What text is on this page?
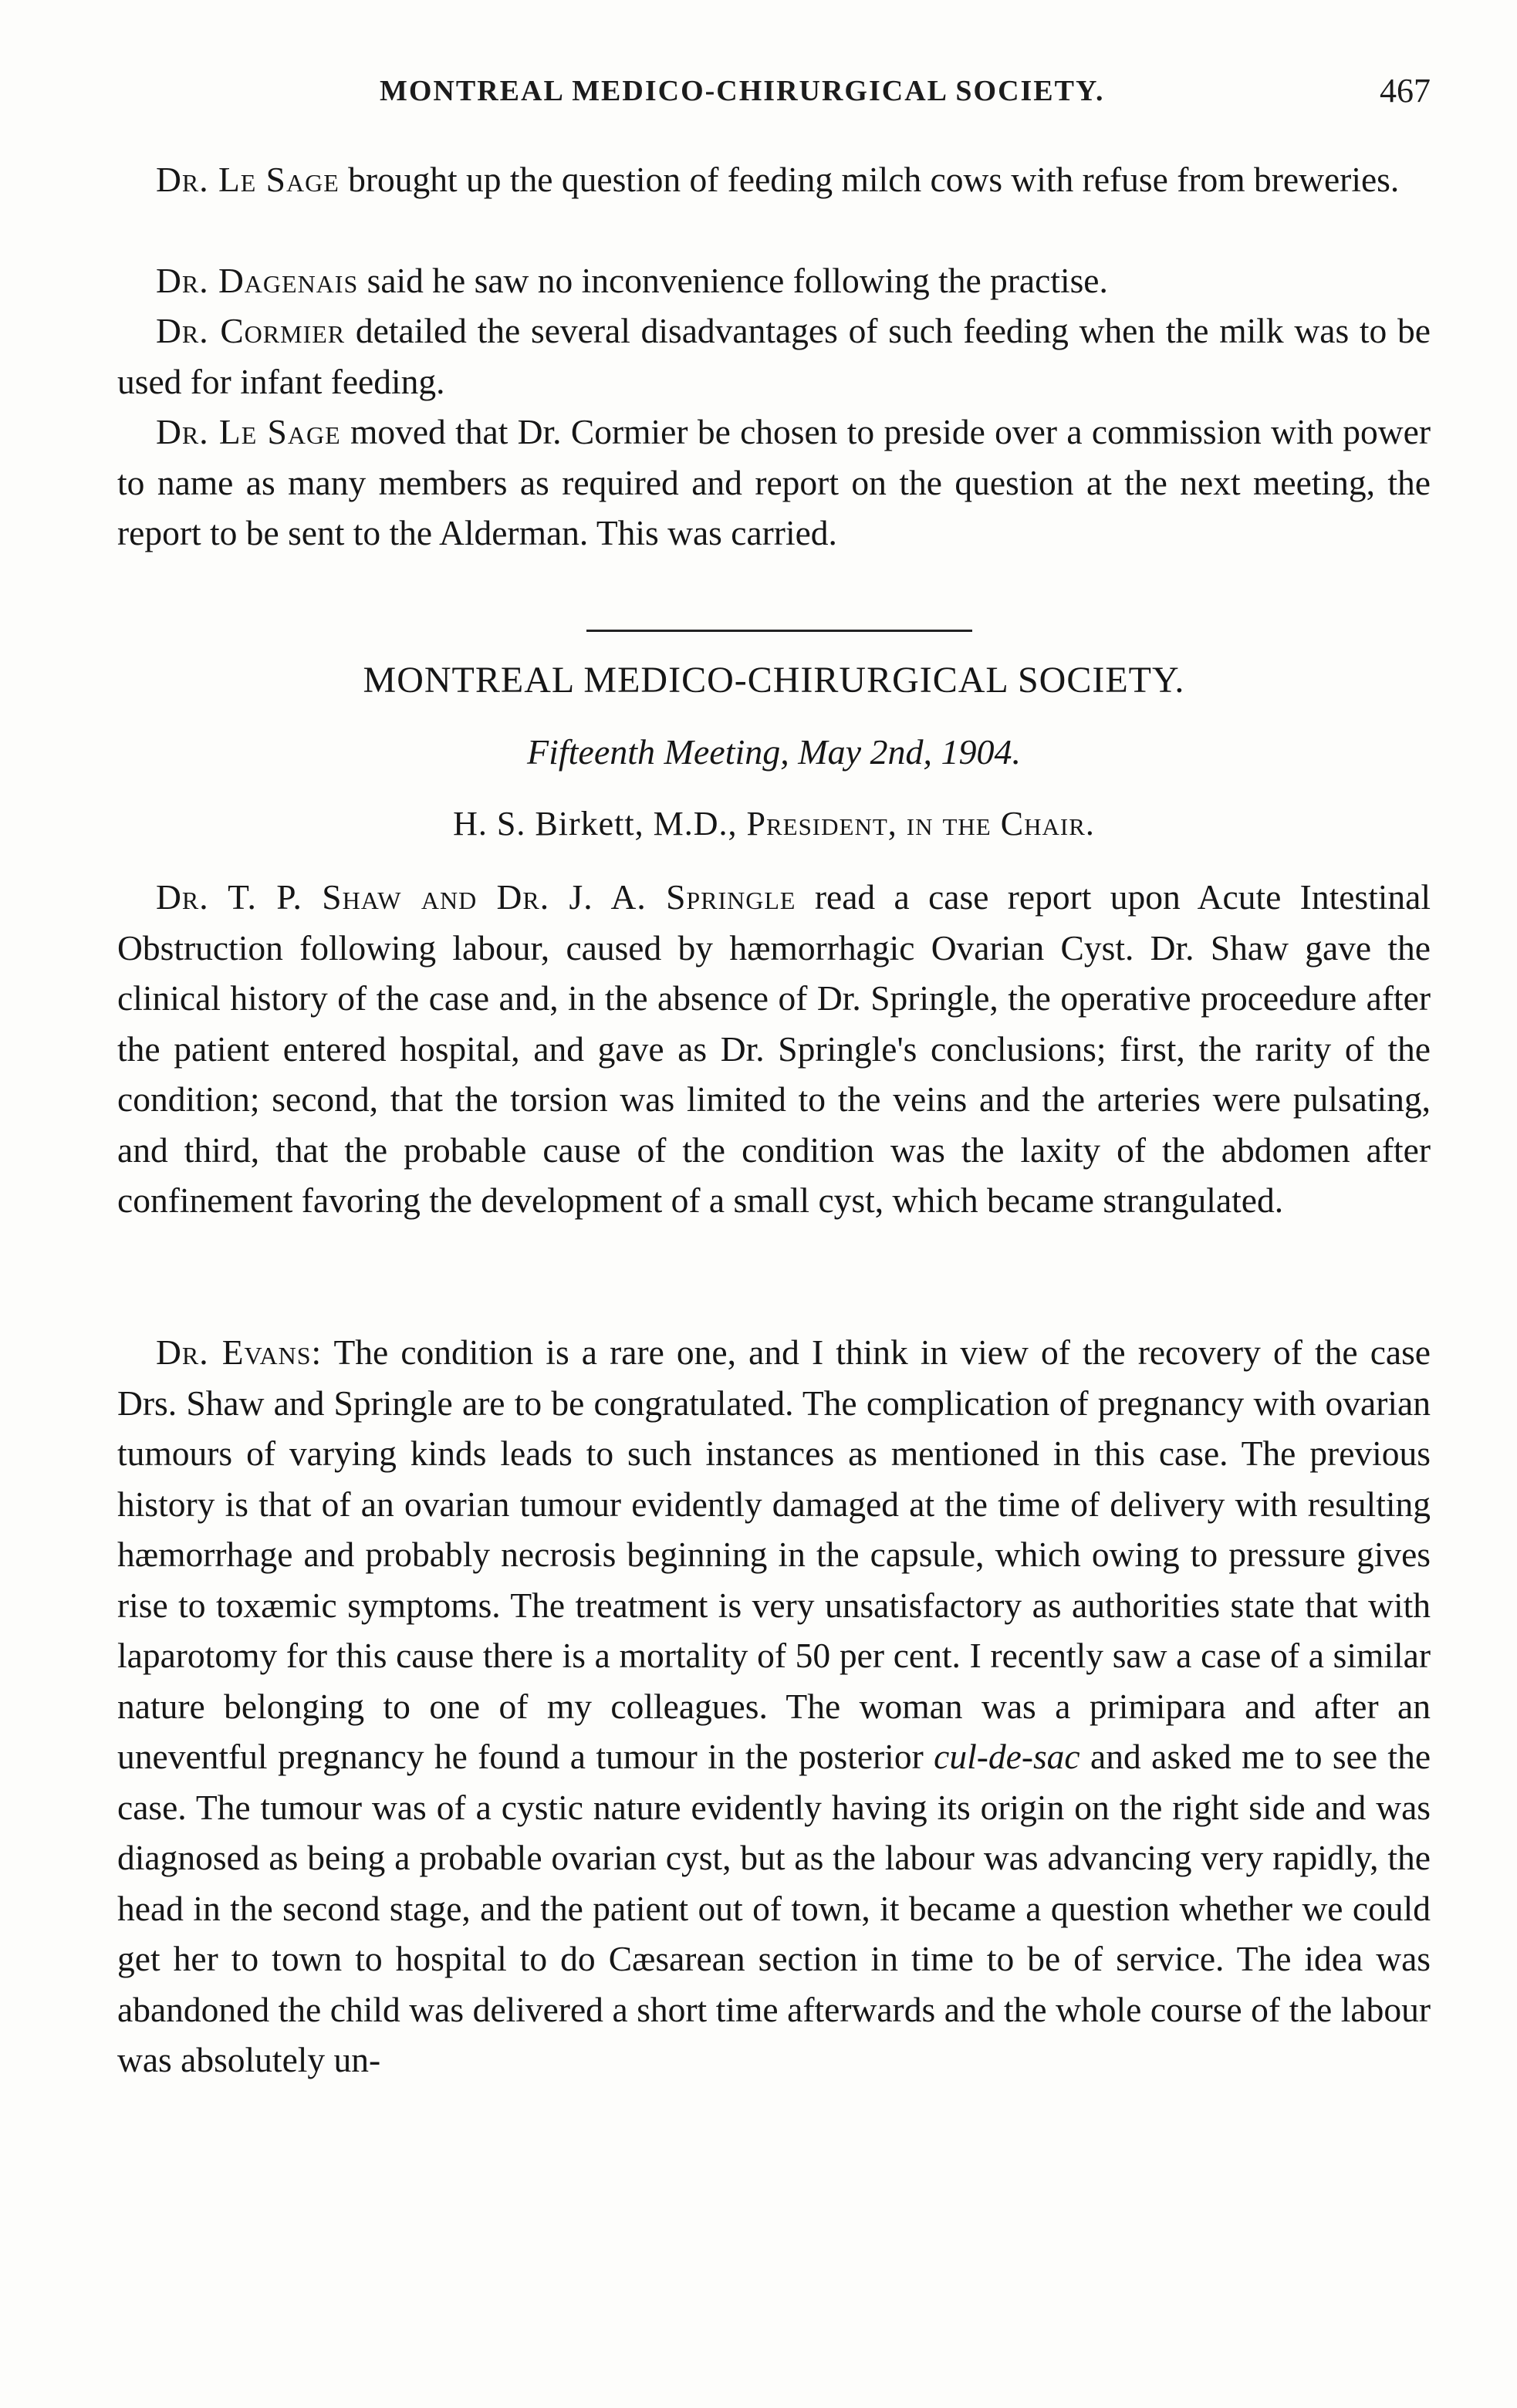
MONTREAL MEDICO-CHIRURGICAL SOCIETY.	467

Dr. Le Sage brought up the question of feeding milch cows with refuse from breweries.

Dr. Dagenais said he saw no inconvenience following the practise.

Dr. Cormier detailed the several disadvantages of such feeding when the milk was to be used for infant feeding.

Dr. Le Sage moved that Dr. Cormier be chosen to preside over a commission with power to name as many members as required and report on the question at the next meeting, the report to be sent to the Alderman. This was carried.

MONTREAL MEDICO-CHIRURGICAL SOCIETY.

Fifteenth Meeting, May 2nd, 1904.

H. S. Birkett, M.D., President, in the Chair.

Dr. T. P. Shaw and Dr. J. A. Springle read a case report upon Acute Intestinal Obstruction following labour, caused by hæmorrhagic Ovarian Cyst. Dr. Shaw gave the clinical history of the case and, in the absence of Dr. Springle, the operative proceedure after the patient entered hospital, and gave as Dr. Springle's conclusions; first, the rarity of the condition; second, that the torsion was limited to the veins and the arteries were pulsating, and third, that the probable cause of the condition was the laxity of the abdomen after confinement favoring the development of a small cyst, which became strangulated.

Dr. Evans: The condition is a rare one, and I think in view of the recovery of the case Drs. Shaw and Springle are to be congratulated. The complication of pregnancy with ovarian tumours of varying kinds leads to such instances as mentioned in this case. The previous history is that of an ovarian tumour evidently damaged at the time of delivery with resulting hæmorrhage and probably necrosis beginning in the capsule, which owing to pressure gives rise to toxæmic symptoms. The treatment is very unsatisfactory as authorities state that with laparotomy for this cause there is a mortality of 50 per cent. I recently saw a case of a similar nature belonging to one of my colleagues. The woman was a primipara and after an uneventful pregnancy he found a tumour in the posterior cul-de-sac and asked me to see the case. The tumour was of a cystic nature evidently having its origin on the right side and was diagnosed as being a probable ovarian cyst, but as the labour was advancing very rapidly, the head in the second stage, and the patient out of town, it became a question whether we could get her to town to hospital to do Cæsarean section in time to be of service. The idea was abandoned the child was delivered a short time afterwards and the whole course of the labour was absolutely un-
